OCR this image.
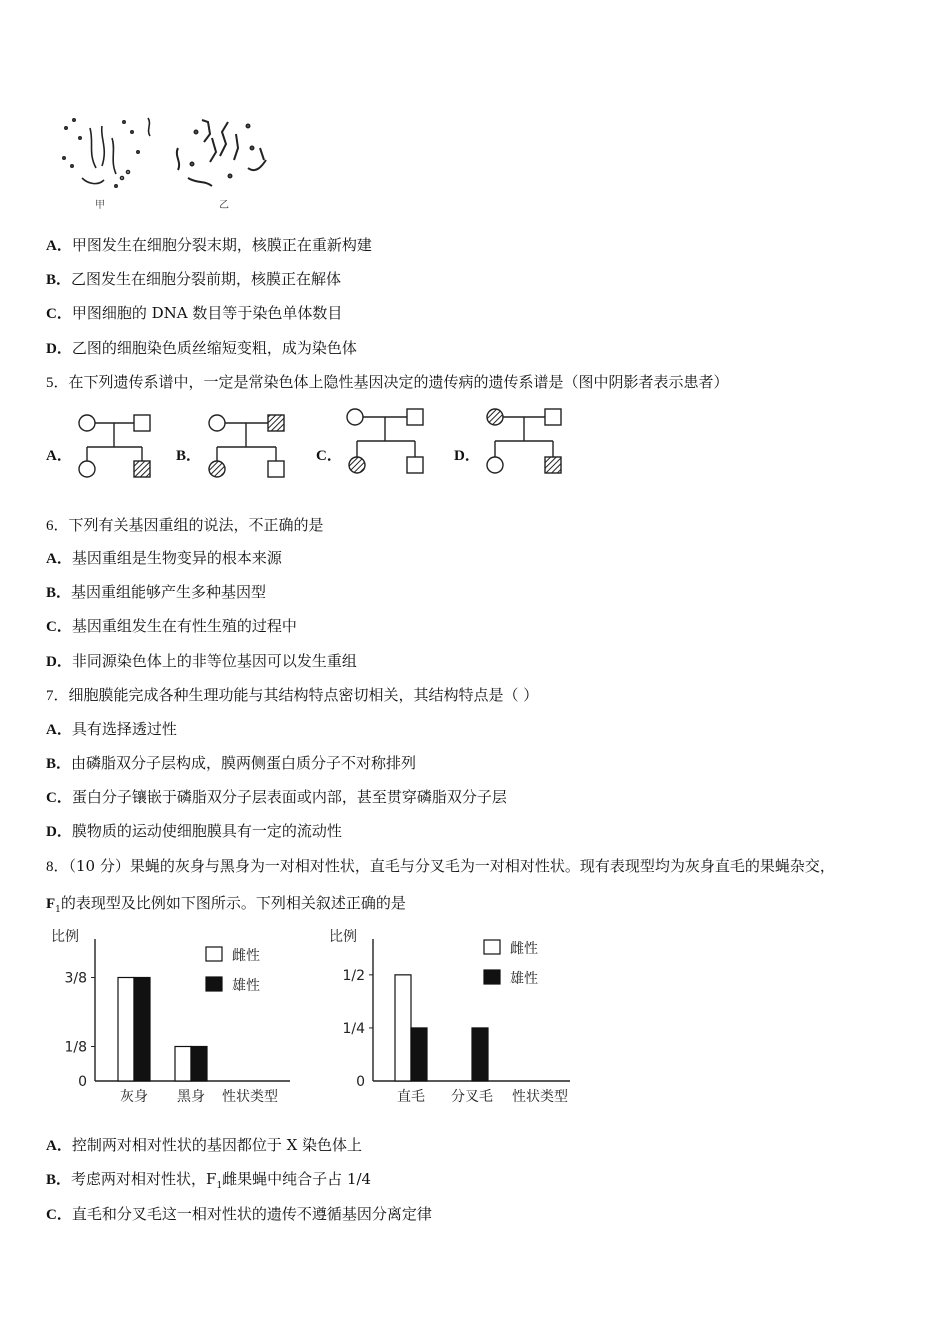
甲	乙
A．甲图发生在细胞分裂末期，核膜正在重新构建
B．乙图发生在细胞分裂前期，核膜正在解体
C．甲图细胞的 DNA 数目等于染色单体数目
D．乙图的细胞染色质丝缩短变粗，成为染色体
5．在下列遗传系谱中，一定是常染色体上隐性基因决定的遗传病的遗传系谱是（图中阴影者表示患者）
A．	B．	C．	D．
6．下列有关基因重组的说法，不正确的是
A．基因重组是生物变异的根本来源
B．基因重组能够产生多种基因型
C．基因重组发生在有性生殖的过程中
D．非同源染色体上的非等位基因可以发生重组
7．细胞膜能完成各种生理功能与其结构特点密切相关，其结构特点是（ ）
A．具有选择透过性
B．由磷脂双分子层构成，膜两侧蛋白质分子不对称排列
C．蛋白分子镶嵌于磷脂双分子层表面或内部，甚至贯穿磷脂双分子层
D．膜物质的运动使细胞膜具有一定的流动性
8．（10 分）果蝇的灰身与黑身为一对相对性状，直毛与分叉毛为一对相对性状。现有表现型均为灰身直毛的果蝇杂交，
$F_1$的表现型及比例如下图所示。下列相关叙述正确的是
比例
0
1/8
3/8
灰身 黑身 性状类型
雌性
雄性
比例
0
1/4
1/2
直毛 分叉毛 性状类型
雌性
雄性
A．控制两对相对性状的基因都位于 X 染色体上
B．考虑两对相对性状，$F_1$雌果蝇中纯合子占 1/4
C．直毛和分叉毛这一相对性状的遗传不遵循基因分离定律
